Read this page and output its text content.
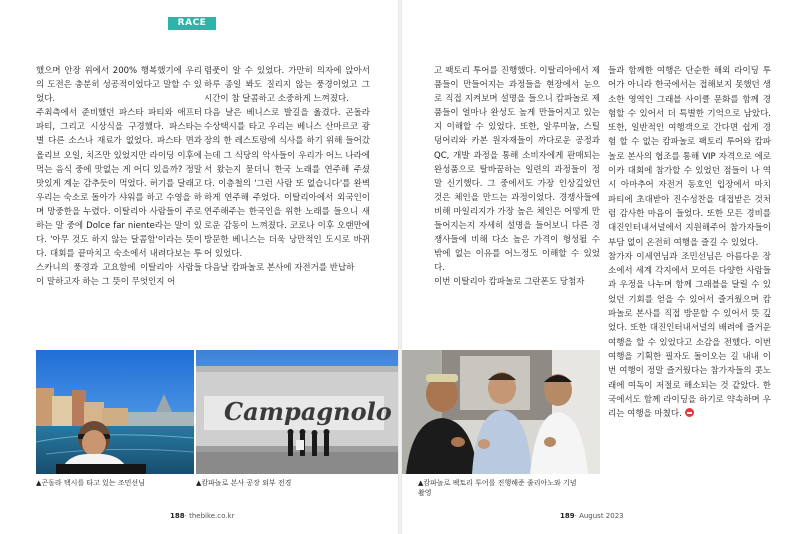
RACE

했으며 안장 위에서 200% 행복했기에 우리의 도전은 충분히 성공적이었다고 말할 수 있었다.
주최측에서 준비했던 파스타 파티와 애프터 파티, 그리고 시상식을 구경했다. 파스타는 별 다른 소스나 재료가 없었다. 파스타 면과 올리브 오일, 치즈만 있었지만 라이딩 이후에 먹는 음식 중에 맛없는 게 어디 있을까? 정말 맛있게 계눈 감추듯이 먹었다. 허기를 달래고 우리는 숙소로 돌아가 샤워를 하고 수영을 하며 망중한을 누렸다. 이탈리아 사람들이 주로 하는 말 중에 Dolce far niente라는 말이 있다. '아무 것도 하지 않는 달콤함'이라는 뜻이다. 대회를 끝마치고 숙소에서 내려다보는 투스카니의 풍경과 고요함에 이탈리아 사람들이 말하고자 하는 그 뜻이 무엇인지 어

렴풋이 알 수 있었다. 가만히 의자에 앉아서 하루 종일 봐도 질리지 않는 풍경이었고 그 시간이 참 달콤하고 소중하게 느껴졌다.
다음 날은 베니스로 발길을 옮겼다. 곤돌라 수상택시를 타고 우리는 베니스 산마르코 광장의 한 레스토랑에 식사를 하기 위해 들어갔는데 그 식당의 악사들이 우리가 어느 나라에서 왔는지 묻더니 한국 노래를 연주해 주셨다. 이층철의 '그런 사람 또 없습니다'를 완벽하게 연주해 주었다. 이탈리아에서 외국인이 연주해주는 한국인을 위한 노래를 들으니 새로운 감동이 느껴졌다. 코로나 이후 오랜만에 방문한 베니스는 더욱 낭만적인 도시로 바뀌어 있었다.
다음날 캄파놀로 본사에 자전거를 반납하

고 팩토리 투어를 진행했다. 이탈리아에서 제품들이 만들어지는 과정들을 현장에서 눈으로 직접 지켜보며 설명을 들으니 캄파놀로 제품들이 얼마나 완성도 높게 만들어지고 있는지 이해할 수 있었다. 또한, 알루미늄, 스틸 덩어리와 카본 원자재들이 까다로운 공정과 QC, 개발 과정을 통해 소비자에게 판매되는 완성품으로 탈바꿈하는 일련의 과정들이 정말 신기했다. 그 중에서도 가장 인상깊었던 것은 체인을 만드는 과정이었다. 경쟁사들에 비해 마일리지가 가장 높은 체인은 어떻게 만들어지는지 자세히 설명을 들어보니 다른 경쟁사들에 비해 다소 높은 가격이 형성될 수 밖에 없는 이유를 어느정도 이해할 수 있었다.
이번 이탈리아 캄파놀로 그란폰도 당첨자

들과 함께한 여행은 단순한 해외 라이딩 투어가 아니라 한국에서는 접해보지 못했던 생소한 영역인 그래블 사이클 문화를 함께 경험할 수 있어서 더 특별한 기억으로 남았다. 또한, 일반적인 여행객으로 간다면 쉽게 경험 할 수 없는 캄파놀로 팩토리 투어와 캄파놀로 본사의 협조를 통해 VIP 자격으로 에로이카 대회에 참가할 수 있었던 점들이 나 역시 아마추어 자전거 동호인 입장에서 마치 파티에 초대받아 진수성찬을 대접받은 것처럼 감사한 마음이 들었다. 또한 모든 경비를 대진인터내셔널에서 지원해주어 참가자들이 부담 없이 온전히 여행을 즐길 수 있었다.
참가자 이세연님과 조민선님은 아름다운 장소에서 세계 각지에서 모여든 다양한 사람들과 우정을 나누며 함께 그래블을 달릴 수 있었던 기회를 얻을 수 있어서 즐거웠으며 캄파놀로 본사를 직접 방문할 수 있어서 뜻 깊었다. 또한 대진인터내셔널의 배려에 즐거운 여행을 할 수 있었다고 소감을 전했다. 이번 여행을 기획한 필자도 돌이오는 길 내내 이번 여행이 정말 즐거웠다는 참가자들의 콧노래에 여독이 저절로 해소되는 것 같았다. 한국에서도 함께 라이딩을 하기로 약속하며 우리는 여행을 마쳤다.

▲곤돌라 택시를 타고 있는 조민선님
Campagnolo
▲캄파놀로 본사 공장 외부 전경	▲캄파놀로 팩토리 투어를 진행해준 줄리아노와 기념촬영
188· thebike.co.kr	189· August 2023
